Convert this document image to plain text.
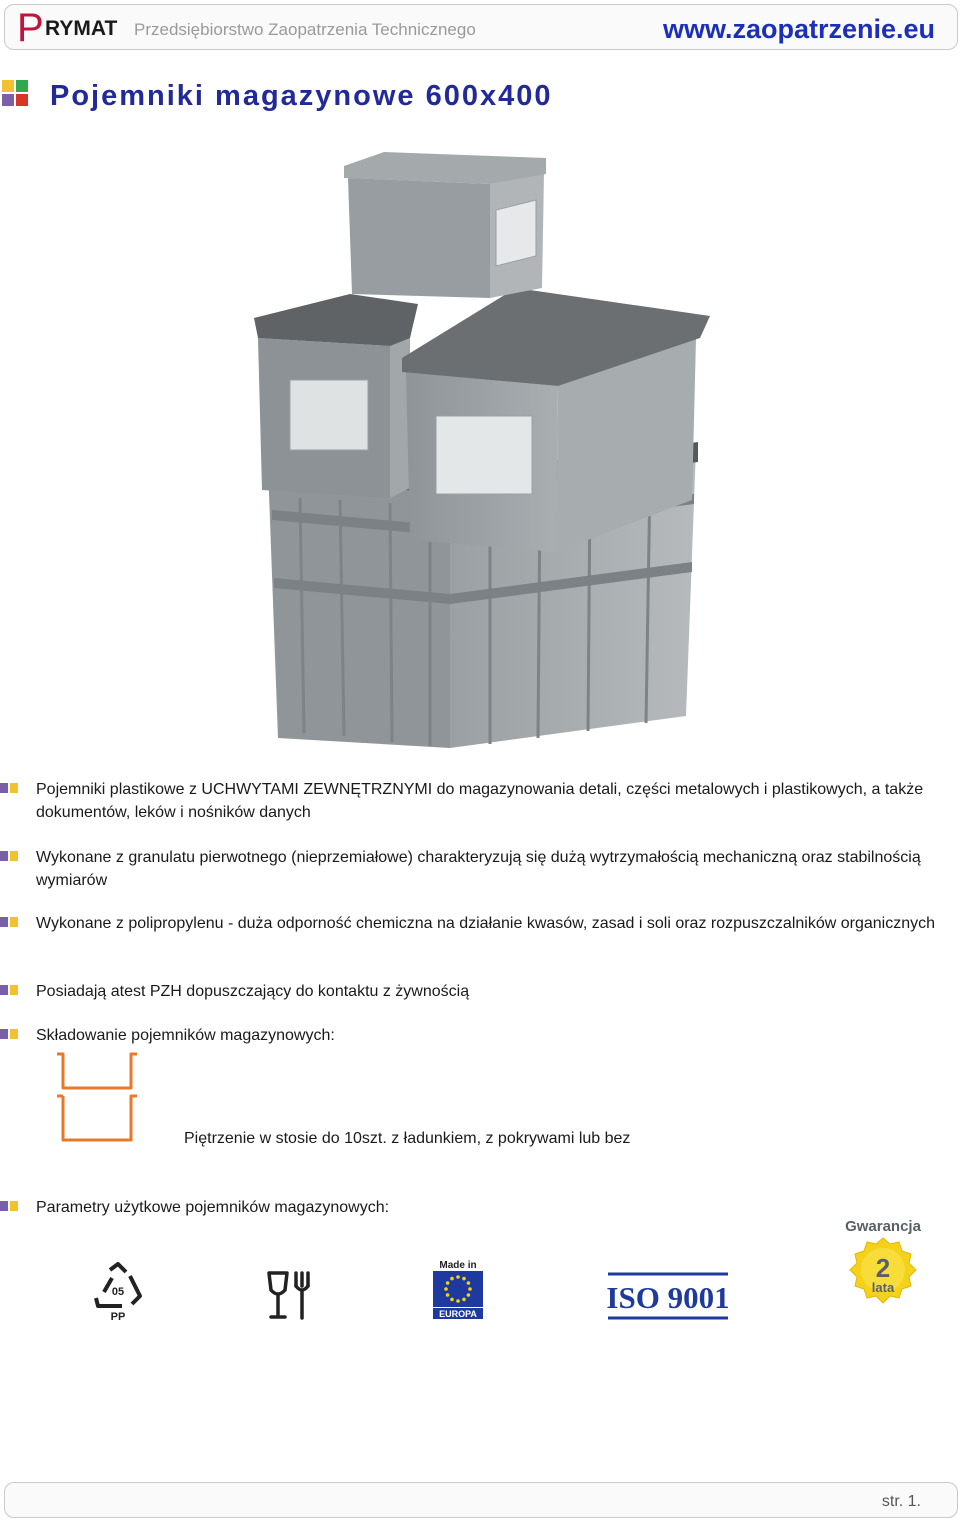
P RYMAT Przedsiębiorstwo Zaopatrzenia Technicznego	www.zaopatrzenie.eu
Pojemniki magazynowe 600x400
Pojemniki plastikowe z UCHWYTAMI ZEWNĘTRZNYMI do magazynowania detali, części metalowych i plastikowych, a także dokumentów, leków i nośników danych
Wykonane z granulatu pierwotnego (nieprzemiałowe) charakteryzują się dużą wytrzymałością mechaniczną oraz stabilnością wymiarów
Wykonane z polipropylenu - duża odporność chemiczna na działanie kwasów, zasad i soli oraz rozpuszczalników organicznych
Posiadają atest PZH dopuszczający do kontaktu z żywnością
Składowanie pojemników magazynowych:
Piętrzenie w stosie do 10szt. z ładunkiem, z pokrywami lub bez
Parametry użytkowe pojemników magazynowych:
05
PP
Made in
EUROPA	ISO 9001
Gwarancja
2
lata
str. 1.
